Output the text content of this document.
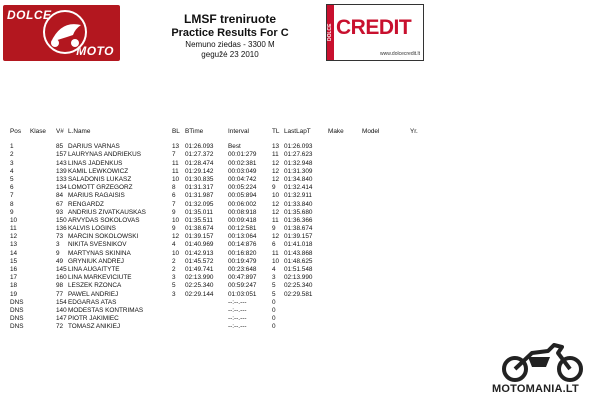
DOLCE
MOTO
LMSF treniruote
Practice Results For C
Nemuno ziedas - 3300 M
gegužė 23 2010
DOLCE CREDIT
www.dolcecredit.lt
Pos Klase V# L.Name	BL BTime	Interval	TL LastLapT	Make	Model	Yr.
1	85 DARIUS VARNAS	13 01:26.093 Best	13 01:26.093
2	157 LAURYNAS ANDRIEKUS	7 01:27.372 00:01:279 11 01:27.623
3	143 LINAS JADENKUS	11 01:28.474 00:02:381 12 01:32.948
4	139 KAMIL LEWKOWICZ	11 01:29.142 00:03:049 12 01:31.309
5	133 SALADONIS LUKASZ	10 01:30.835 00:04:742 12 01:34.840
6	134 LOMOTT GRZEGORZ	8 01:31.317 00:05:224 9 01:32.414
7	84 MARIUS RAGAISIS	6 01:31.987 00:05:894 10 01:32.911
8	67 RENGARDZ	7 01:32.095 00:06:002 12 01:33.840
9	93 ANDRIUS ZIVATKAUSKAS	9 01:35.011 00:08:918 12 01:35.680
10	150 ARVYDAS SOKOLOVAS	10 01:35.511 00:09:418 11 01:36.366
11	136 KALVIS LOGINS	9 01:38.674 00:12:581 9 01:38.674
12	73 MARCIN SOKOLOWSKI	12 01:39.157 00:13:064 12 01:39.157
13	3 NIKITA SVESNIKOV	4 01:40.969 00:14:876 6 01:41.018
14	9 MARTYNAS SKININA	10 01:42.913 00:16:820 11 01:43.868
15	49 GRYNIUK ANDREJ	2 01:45.572 00:19:479 10 01:48.625
16	145 LINA AUGAITYTE	2 01:49.741 00:23:648 4 01:51.548
17	160 LINA MARKEVICIUTE	3 02:13.990 00:47:897 3 02:13.990
18	98 LESZEK RZONCA	5 02:25.340 00:59:247 5 02:25.340
19	77 PAWEL ANDRIEJ	3 02:29.144 01:03:051 5 02:29.581
DNS	154 EDGARAS ATAS	--:--.---	0
DNS	140 MODESTAS KONTRIMAS	--:--.---	0
DNS	147 PIOTR JAKIMIEC	--:--.---	0
DNS	72 TOMASZ ANIKIEJ	--:--.---	0
MOTOMANIA.LT
